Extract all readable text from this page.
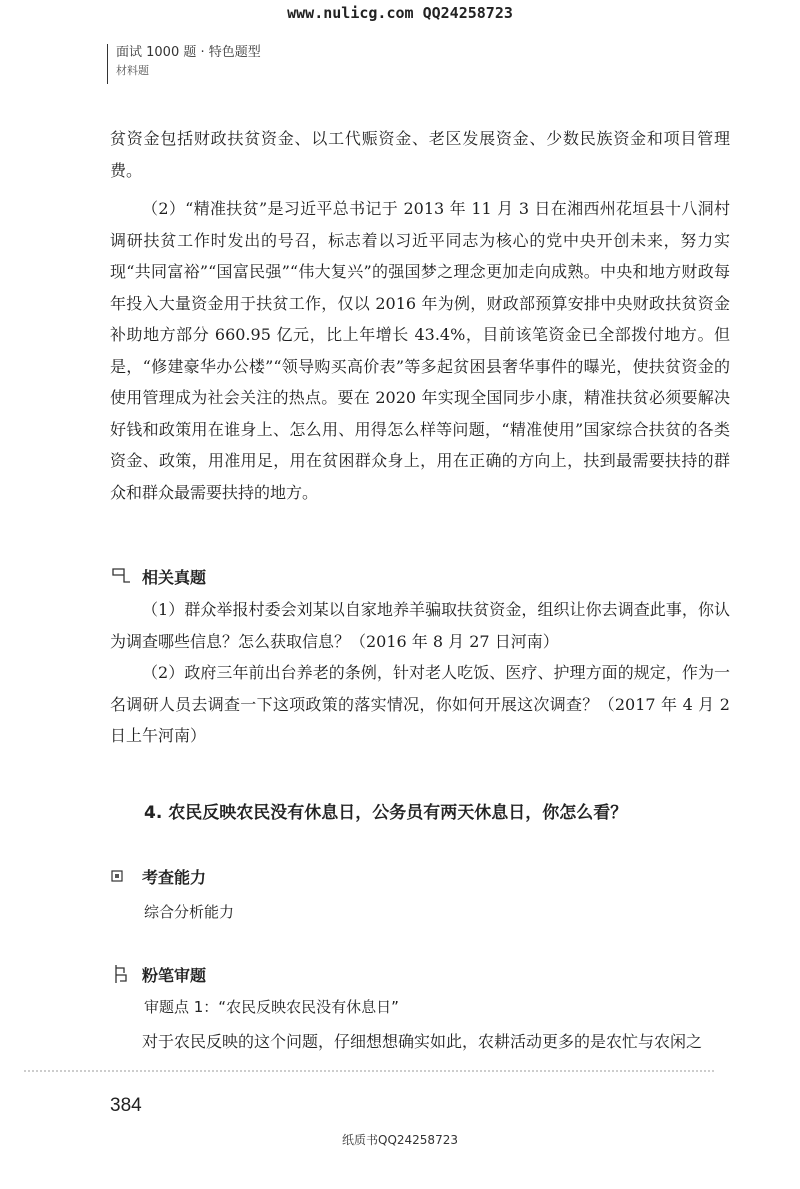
www.nulicg.com QQ24258723
面试 1000 题 · 特色题型
材料题

贫资金包括财政扶贫资金、以工代赈资金、老区发展资金、少数民族资金和项目管理费。

（2）“精准扶贫”是习近平总书记于 2013 年 11 月 3 日在湘西州花垣县十八洞村调研扶贫工作时发出的号召，标志着以习近平同志为核心的党中央开创未来，努力实现“共同富裕”“国富民强”“伟大复兴”的强国梦之理念更加走向成熟。中央和地方财政每年投入大量资金用于扶贫工作，仅以 2016 年为例，财政部预算安排中央财政扶贫资金补助地方部分 660.95 亿元，比上年增长 43.4%，目前该笔资金已全部拨付地方。但是，“修建豪华办公楼”“领导购买高价表”等多起贫困县奢华事件的曝光，使扶贫资金的使用管理成为社会关注的热点。要在 2020 年实现全国同步小康，精准扶贫必须要解决好钱和政策用在谁身上、怎么用、用得怎么样等问题，“精准使用”国家综合扶贫的各类资金、政策，用准用足，用在贫困群众身上，用在正确的方向上，扶到最需要扶持的群众和群众最需要扶持的地方。

相关真题

（1）群众举报村委会刘某以自家地养羊骗取扶贫资金，组织让你去调查此事，你认为调查哪些信息？怎么获取信息？（2016 年 8 月 27 日河南）

（2）政府三年前出台养老的条例，针对老人吃饭、医疗、护理方面的规定，作为一名调研人员去调查一下这项政策的落实情况，你如何开展这次调查？（2017 年 4 月 2 日上午河南）

4. 农民反映农民没有休息日，公务员有两天休息日，你怎么看？
考查能力
综合分析能力
粉笔审题
审题点 1：“农民反映农民没有休息日”

对于农民反映的这个问题，仔细想想确实如此，农耕活动更多的是农忙与农闲之

384
纸质书QQ24258723
